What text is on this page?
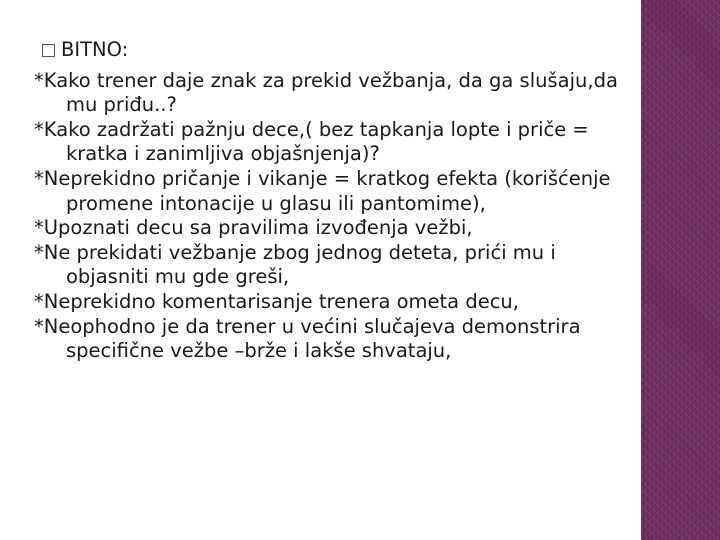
BITNO:

*Kako trener daje znak za prekid vežbanja, da ga slušaju,da mu priđu..?

*Kako zadržati pažnju dece,( bez tapkanja lopte i priče = kratka i zanimljiva objašnjenja)?

*Neprekidno pričanje i vikanje = kratkog efekta (korišćenje promene intonacije u glasu ili pantomime),

*Upoznati decu sa pravilima izvođenja vežbi,

*Ne prekidati vežbanje zbog jednog deteta, prići mu i objasniti mu gde greši,

*Neprekidno komentarisanje trenera ometa decu,

*Neophodno je da trener u većini slučajeva demonstrira specifične vežbe –brže i lakše shvataju,
